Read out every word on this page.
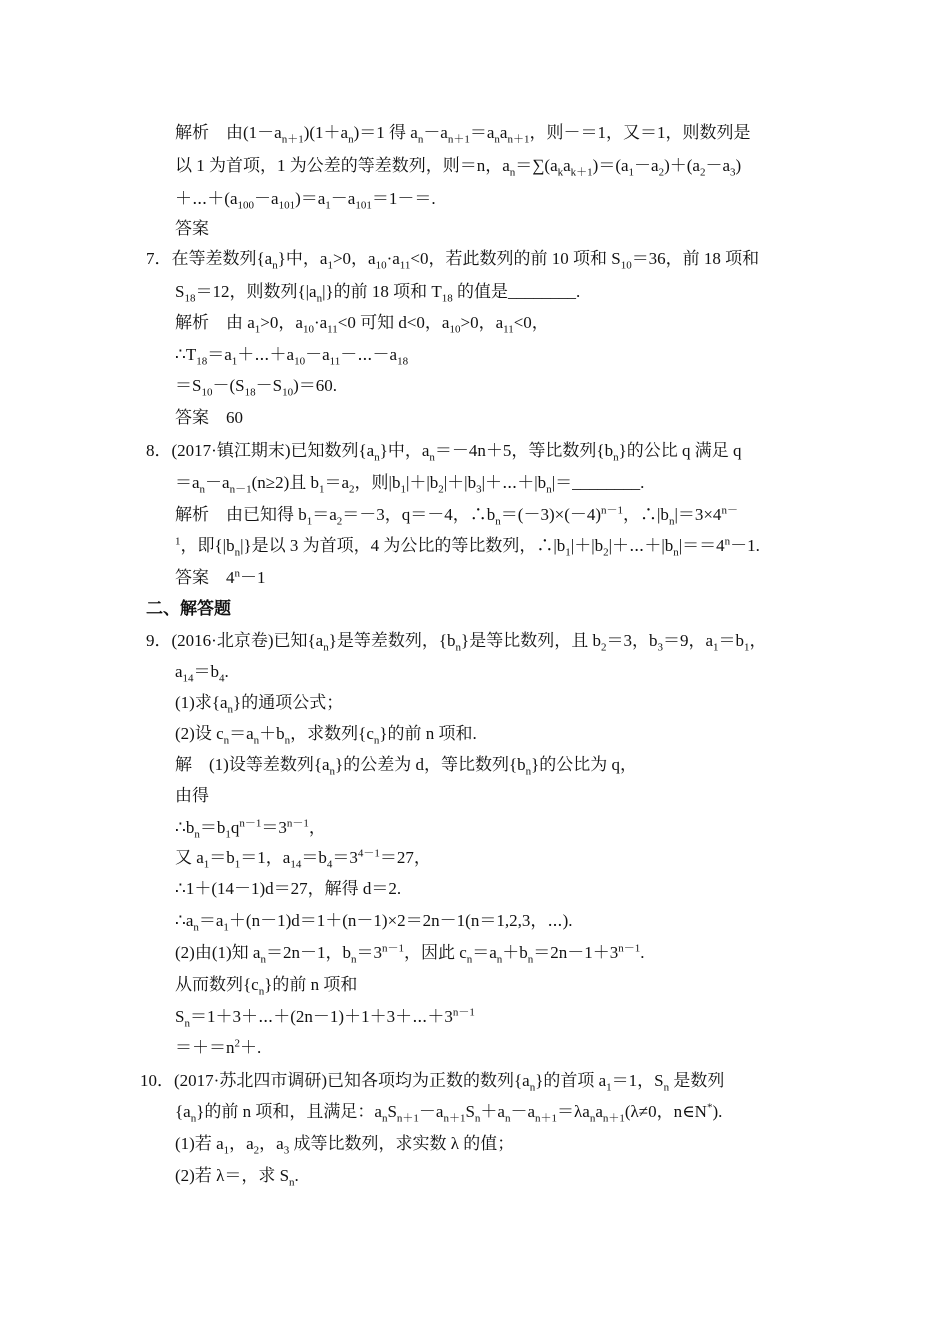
解析　由$(1-a_{n+1})(1+a_n)=1$ 得 $a_n-a_{n+1}=a_na_{n+1}$，则－＝1，又＝1，则数列是
以 1 为首项，1 为公差的等差数列，则＝n，$a_n=\sum(a_ka_{k+1})=(a_1-a_2)+(a_2-a_3)$
$+\cdots+(a_{100}-a_{101})=a_1-a_{101}=1-=$.
答案
7．在等差数列$\{a_n\}$中，$a_1>0$，$a_{10}\cdot a_{11}<0$，若此数列的前 10 项和 $S_{10}=36$，前 18 项和
$S_{18}=12$，则数列$\{|a_n|\}$的前 18 项和 $T_{18}$ 的值是________.
解析　由 $a_1>0$，$a_{10}\cdot a_{11}<0$ 可知 d<0，$a_{10}>0$，$a_{11}<0$，
$\therefore T_{18}=a_1+\cdots+a_{10}-a_{11}-\cdots-a_{18}$
$=S_{10}-(S_{18}-S_{10})=60$.
答案　60
8．(2017·镇江期末)已知数列$\{a_n\}$中，$a_n=-4n+5$，等比数列$\{b_n\}$的公比 q 满足 q
$=a_n-a_{n-1}(n\ge 2)$且 $b_1=a_2$，则$|b_1|+|b_2|+|b_3|+\cdots+|b_n|=\_\_\_\_\_\_\_\_$.
解析　由已知得 $b_1=a_2=-3$，q＝－4，$\therefore b_n=(-3)\times(-4)^{n-1}$，$\therefore|b_n|=3\times 4^{n-}$
$^1$，即$\{|b_n|\}$是以 3 为首项，4 为公比的等比数列，$\therefore|b_1|+|b_2|+\cdots+|b_n|==4^n-1$.
答案　$4^n-1$
二、解答题
9．(2016·北京卷)已知$\{a_n\}$是等差数列，$\{b_n\}$是等比数列，且 $b_2=3$，$b_3=9$，$a_1=b_1$，
$a_{14}=b_4$.
(1)求$\{a_n\}$的通项公式；
(2)设 $c_n=a_n+b_n$，求数列$\{c_n\}$的前 n 项和.
解　(1)设等差数列$\{a_n\}$的公差为 d，等比数列$\{b_n\}$的公比为 q，
由得
$\therefore b_n=b_1q^{n-1}=3^{n-1}$，
又 $a_1=b_1=1$，$a_{14}=b_4=3^{4-1}=27$，
∴1＋(14－1)d＝27，解得 d＝2.
$\therefore a_n=a_1+(n-1)d=1+(n-1)\times 2=2n-1(n=1,2,3$，⋯).
(2)由(1)知 $a_n=2n-1$，$b_n=3^{n-1}$，因此 $c_n=a_n+b_n=2n-1+3^{n-1}$.
从而数列$\{c_n\}$的前 n 项和
$S_n=1+3+\cdots+(2n-1)+1+3+\cdots+3^{n-1}$
$=+=n^2+$.
10．(2017·苏北四市调研)已知各项均为正数的数列$\{a_n\}$的首项 $a_1=1$，$S_n$ 是数列
$\{a_n\}$的前 n 项和，且满足：$a_nS_{n+1}-a_{n+1}S_n+a_n-a_{n+1}=\lambda a_na_{n+1}(\lambda\ne 0$，n∈N*).
(1)若 $a_1$，$a_2$，$a_3$ 成等比数列，求实数 λ 的值；
(2)若 λ＝，求 $S_n$.
